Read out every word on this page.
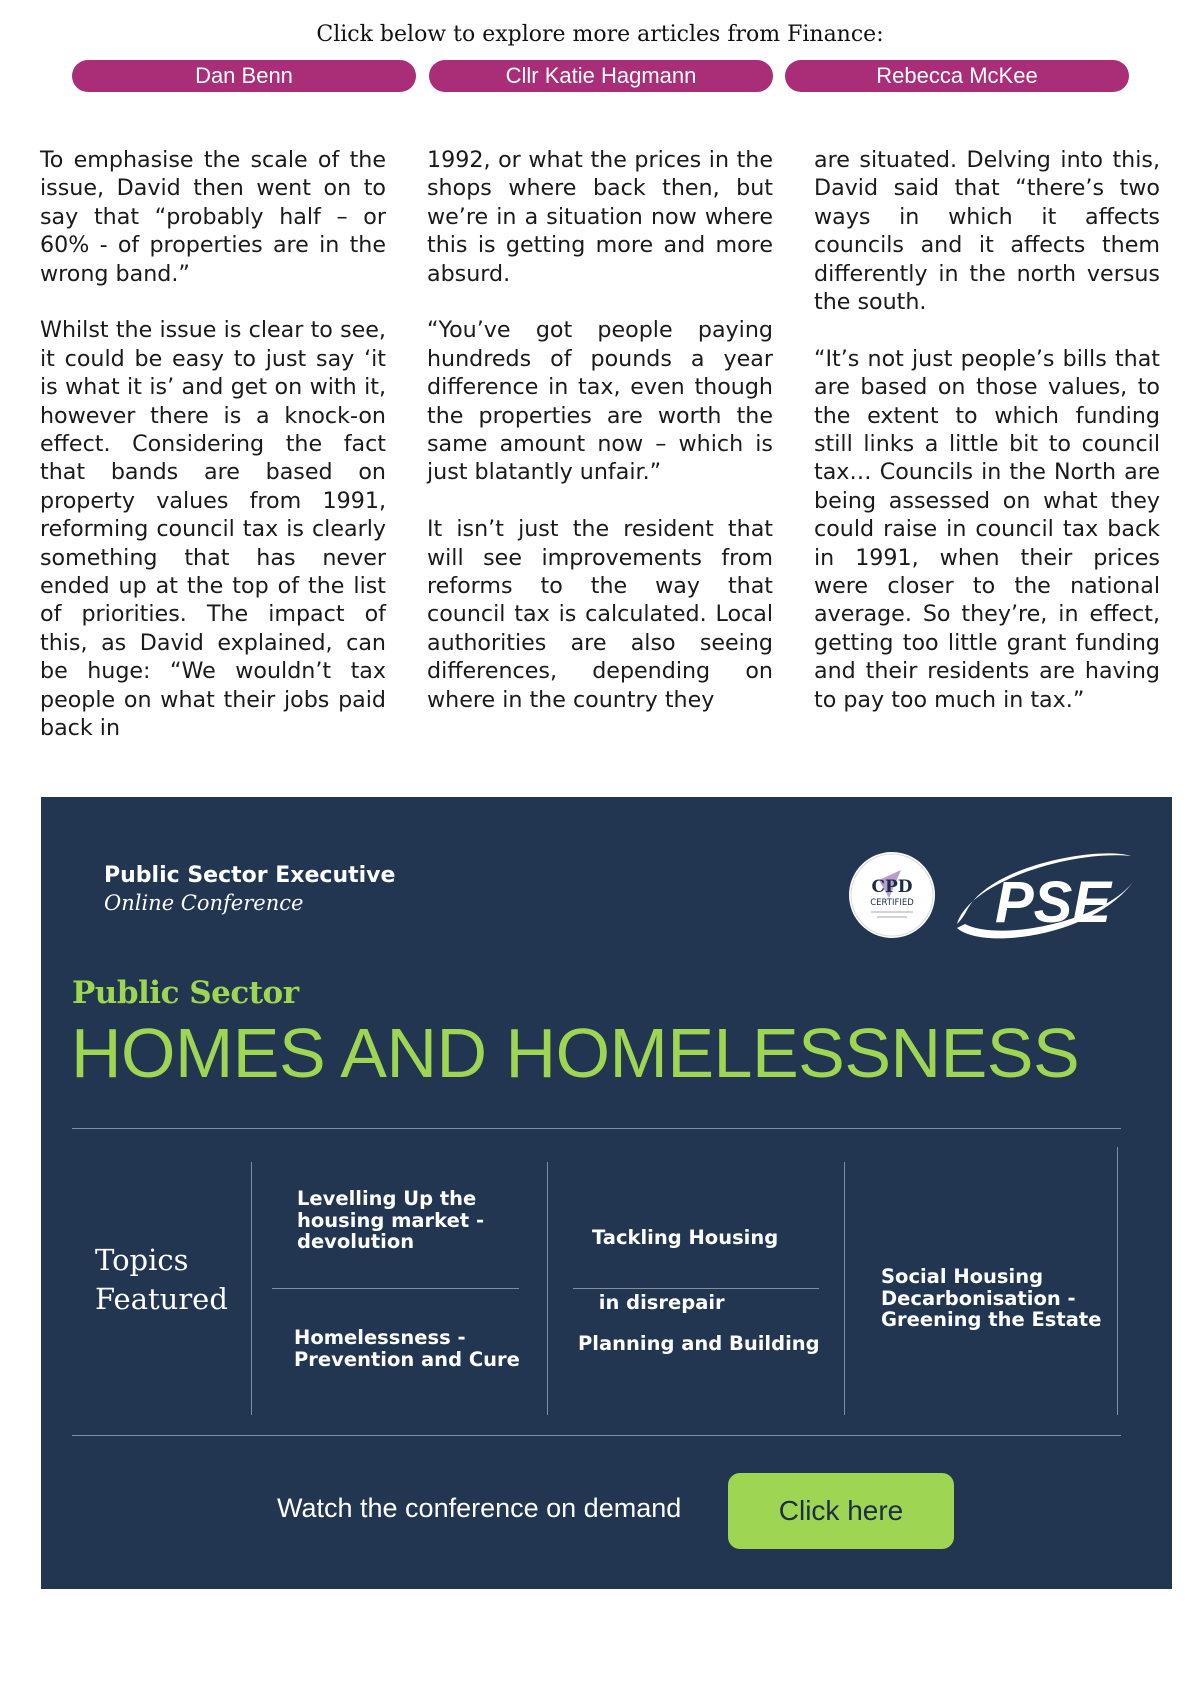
Click below to explore more articles from Finance:
Dan Benn	Cllr Katie Hagmann	Rebecca McKee

To emphasise the scale of the issue, David then went on to say that “probably half – or 60% - of properties are in the wrong band.”

Whilst the issue is clear to see, it could be easy to just say ‘it is what it is’ and get on with it, however there is a knock-on effect. Considering the fact that bands are based on property values from 1991, reforming council tax is clearly something that has never ended up at the top of the list of priorities. The impact of this, as David explained, can be huge: “We wouldn’t tax people on what their jobs paid back in

1992, or what the prices in the shops where back then, but we’re in a situation now where this is getting more and more absurd.

“You’ve got people paying hundreds of pounds a year difference in tax, even though the properties are worth the same amount now – which is just blatantly unfair.”

It isn’t just the resident that will see improvements from reforms to the way that council tax is calculated. Local authorities are also seeing differences, depending on where in the country they

are situated. Delving into this, David said that “there’s two ways in which it affects councils and it affects them differently in the north versus the south.

“It’s not just people’s bills that are based on those values, to the extent to which funding still links a little bit to council tax… Councils in the North are being assessed on what they could raise in council tax back in 1991, when their prices were closer to the national average. So they’re, in effect, getting too little grant funding and their residents are having to pay too much in tax.”

Public Sector Executive
Online Conference
CPD
CERTIFIED PSE
Public Sector
HOMES AND HOMELESSNESS
Topics
Featured
Levelling Up the
housing market -
devolution
Homelessness -
Prevention and Cure

Tackling Housing

in disrepair

Planning and Building
Social Housing
Decarbonisation -
Greening the Estate
Watch the conference on demand	Click here
